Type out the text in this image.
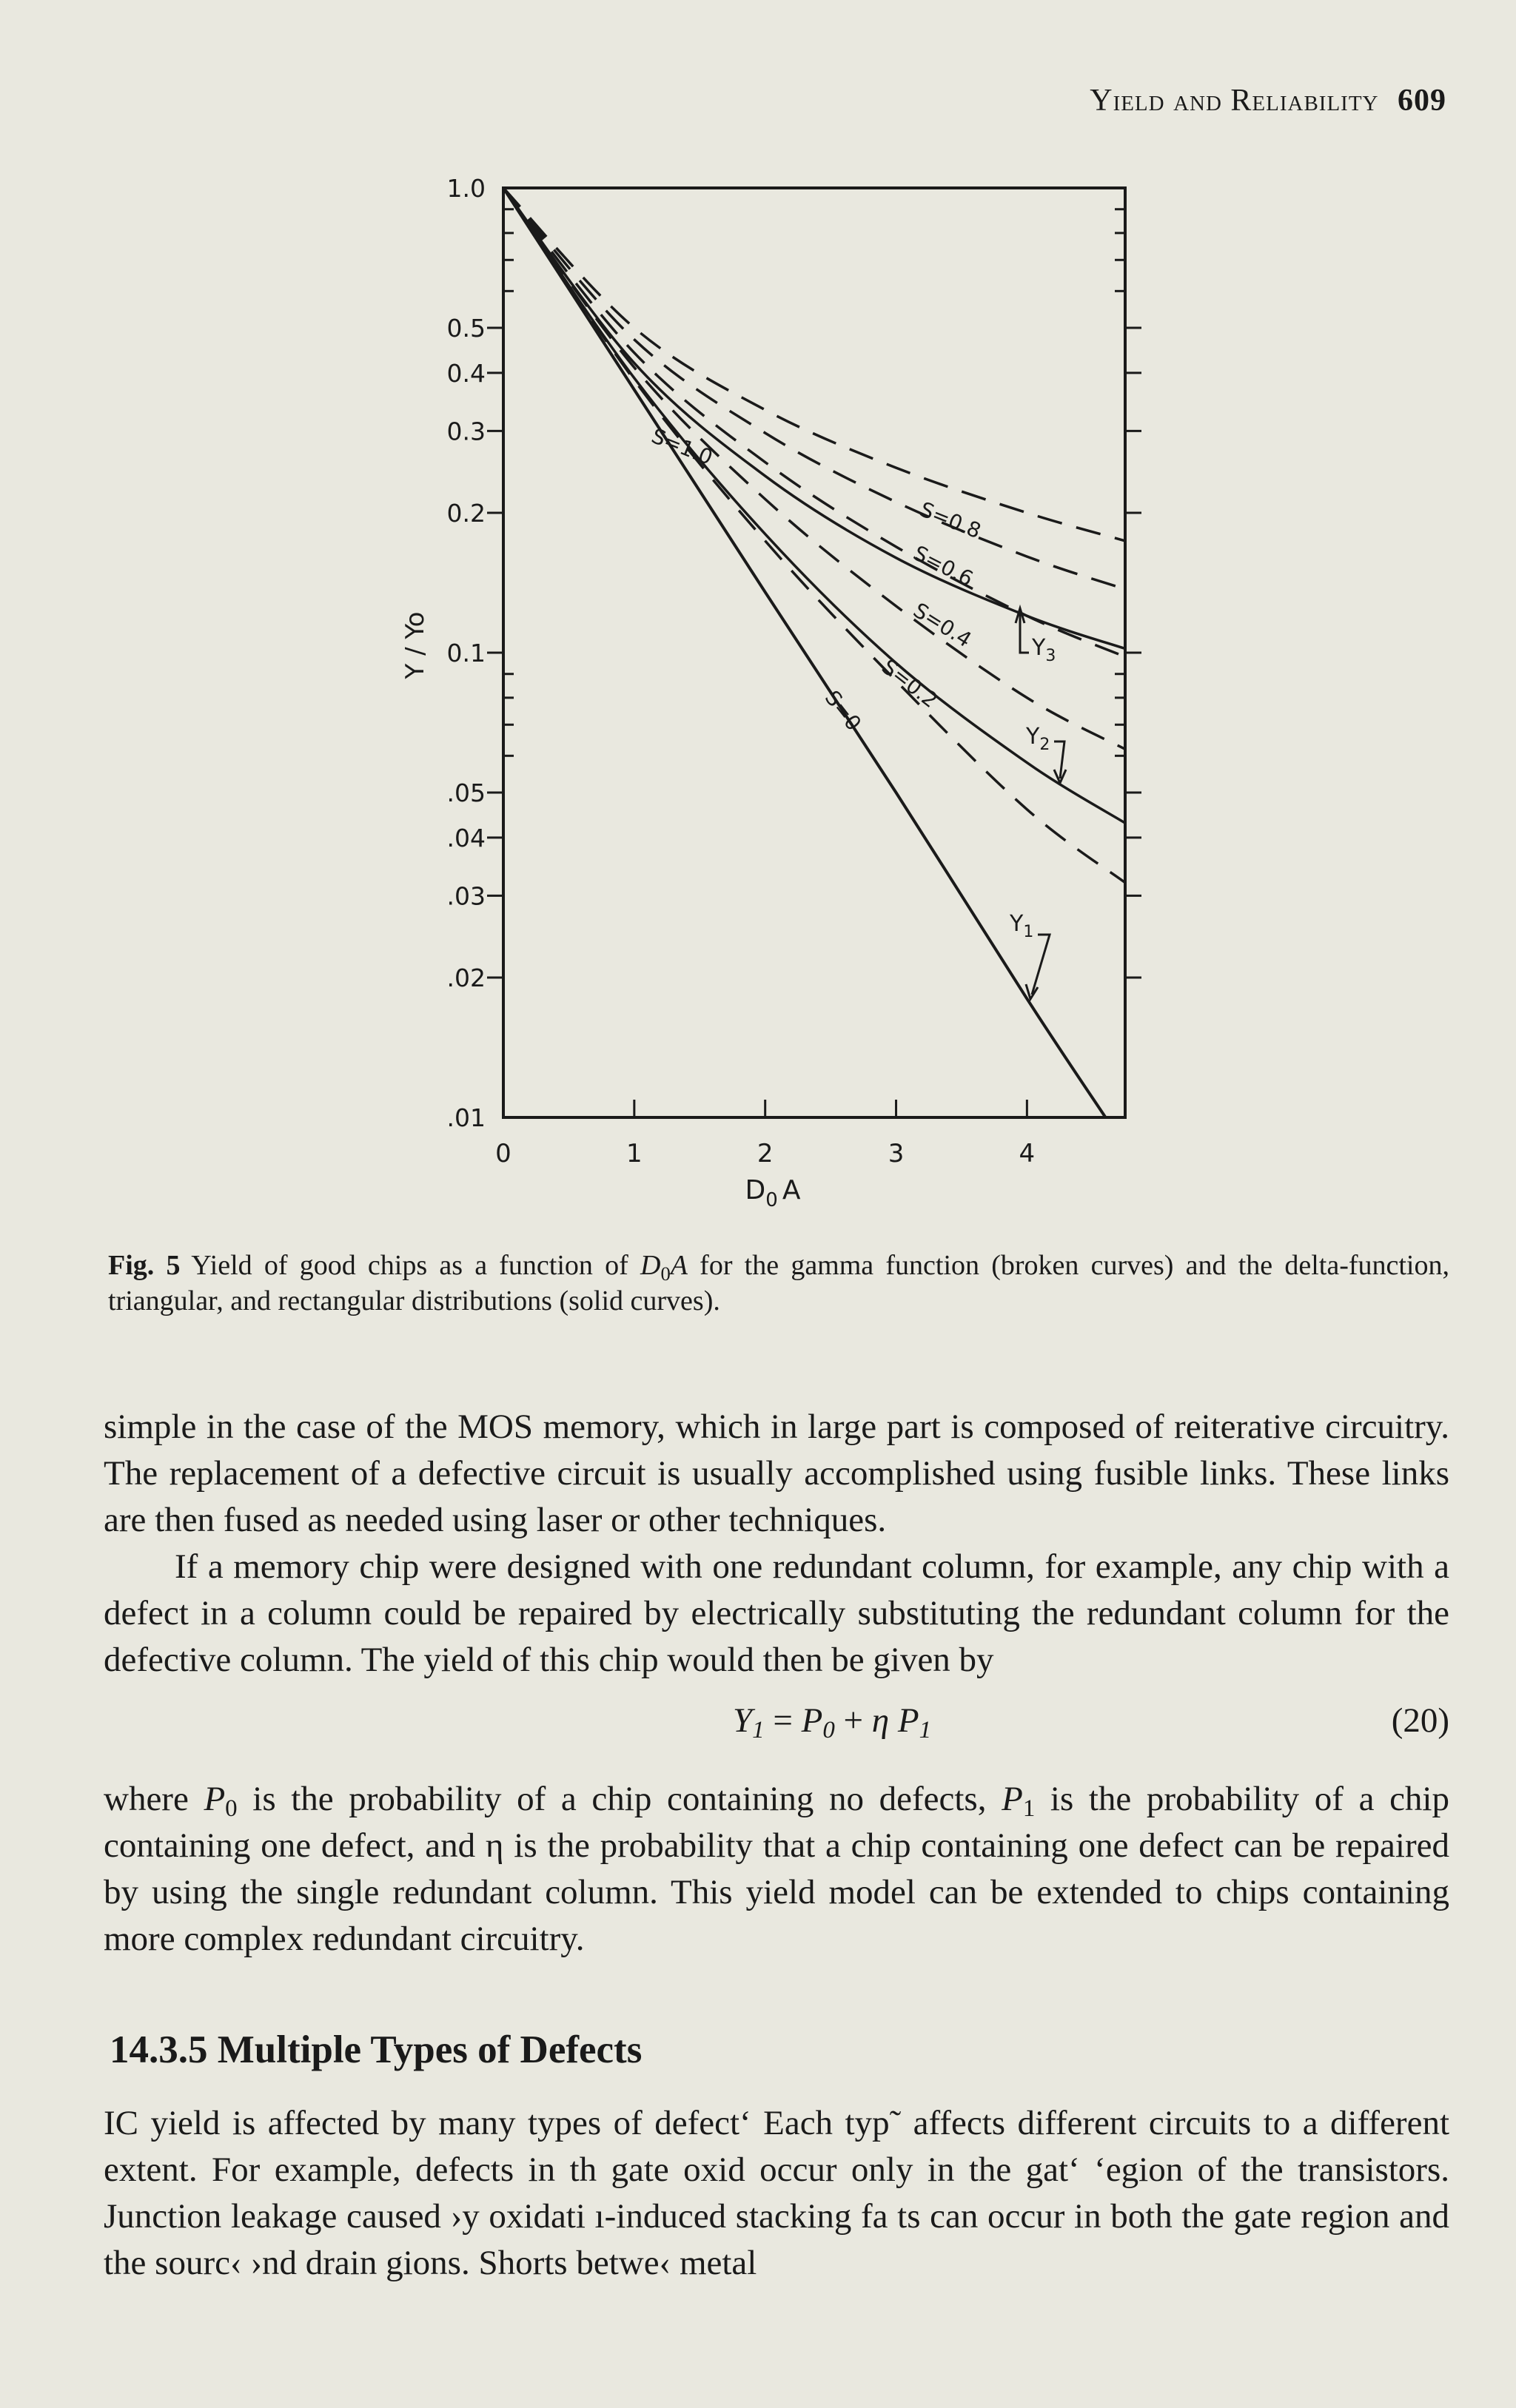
Yield and Reliability 609
1.0
0.5
0.4
0.3
0.2
0.1
.05
.04
.03
.02
.01
0	1	2	3	4
S=1.0
S=0.8
S=0.6
S=0.4
S=0.2
S=0
$Y_3$
$Y_2$
$Y_1$
Y / Yo
$D_0$ A
Fig. 5 Yield of good chips as a function of $D_0A$ for the gamma function (broken curves) and the delta-function, triangular, and rectangular distributions (solid curves).

simple in the case of the MOS memory, which in large part is composed of reiterative circuitry. The replacement of a defective circuit is usually accomplished using fusible links. These links are then fused as needed using laser or other techniques.

If a memory chip were designed with one redundant column, for example, any chip with a defect in a column could be repaired by electrically substituting the redundant column for the defective column. The yield of this chip would then be given by

$Y_1 = P_0 + \eta$ $P_1$	(20)

where $P_0$ is the probability of a chip containing no defects, $P_1$ is the probability of a chip containing one defect, and η is the probability that a chip containing one defect can be repaired by using the single redundant column. This yield model can be extended to chips containing more complex redundant circuitry.

14.3.5 Multiple Types of Defects

IC yield is affected by many types of defect‘ Each typ˜ affects different circuits to a different extent. For example, defects in th gate oxid occur only in the gat‘ ‘egion of the transistors. Junction leakage caused ›y oxidati ı-induced stacking fa ts can occur in both the gate region and the sourc‹ ›nd drain gions. Shorts betwe‹ metal
